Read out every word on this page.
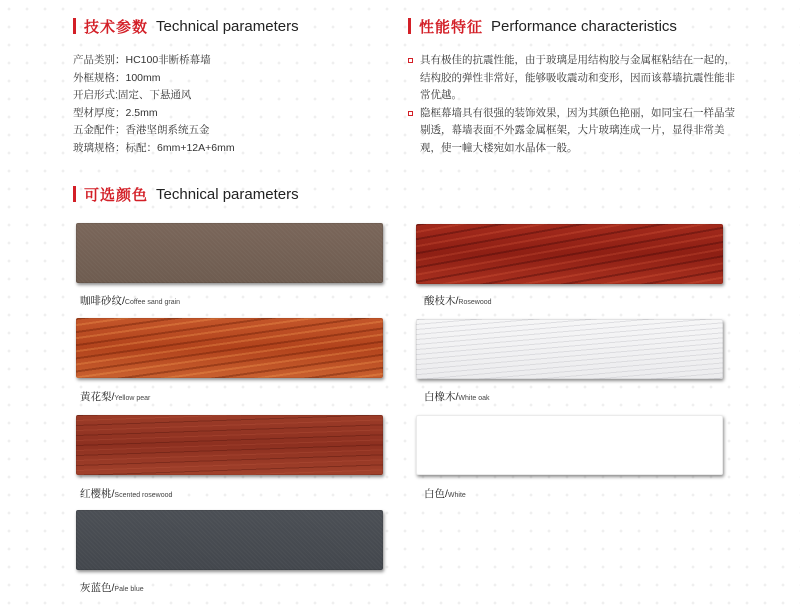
技术参数 Technical parameters
产品类别：HC100非断桥幕墙
外框规格：100mm
开启形式:固定、下悬通风
型材厚度：2.5mm
五金配件：香港坚朗系统五金
玻璃规格：标配：6mm+12A+6mm
性能特征 Performance characteristics
具有极佳的抗震性能，由于玻璃是用结构胶与金属框粘结在一起的，结构胶的弹性非常好，能够吸收震动和变形，因而该幕墙抗震性能非常优越。
隐框幕墙具有很强的装饰效果，因为其颜色艳丽，如同宝石一样晶莹剔透，幕墙表面不外露金属框架，大片玻璃连成一片，显得非常美观，使一幢大楼宛如水晶体一般。
可选颜色 Technical parameters
咖啡砂纹/Coffee sand grain
黄花梨/Yellow pear
红樱桃/Scented rosewood
灰蓝色/Pale blue
酸枝木/Rosewood
白橡木/White oak
白色/White
